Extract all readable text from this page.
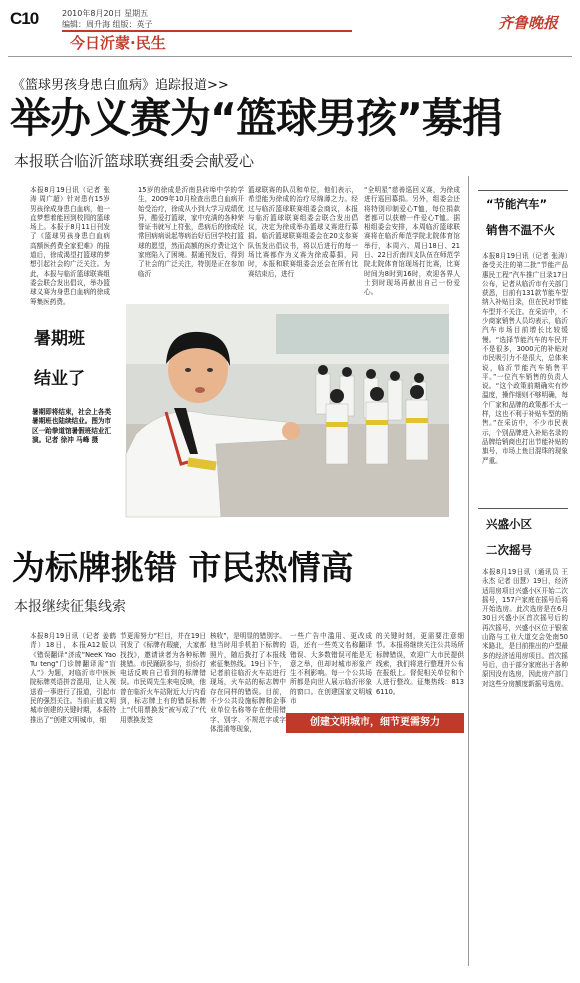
C10	2010年8月20日 星期五
编辑：周升海 组版：英子
今日沂蒙·民生
齐鲁晚报
《篮球男孩身患白血病》追踪报道>>
举办义赛为“篮球男孩”募捐
本报联合临沂篮球联赛组委会献爱心
本报8月19日讯（记者 张涛 周广超）针对患有15岁男孩徐成身患白血病，他一直梦想着能回到校园的篮球场上。本报于8月11日刊发了《篮球男孩身患白血病 高额医药费全家犯难》的报道后，徐成渴望打篮球的梦想引起社会的广泛关注。为此，本报与临沂篮球联赛组委会联合发出倡议，举办篮球义赛为身患白血病的徐成筹集医药费。
15岁的徐成是沂南县砖埠中学的学生，2009年10月检查出患白血病开始受治疗，徐成从小到大学习成绩优异，酷爱打篮球，家中充满的各种荣誉证书就写上符张，患病后的徐成经常回病病说起等病治好后回学校打篮球的愿望，然而高额的医疗费让这个家庭陷入了困境。据通刊发后，得到了社会的广泛关注，特别是正在参加临沂
篮球联赛的队员和单位，他们表示，希望能为徐成的治疗尽绵薄之力。经过与临沂篮球联赛组委会商议，本报与临沂篮球联赛组委会联合发出倡议，决定为徐成举办篮球义赛进行募捐。临沂篮球联赛组委会在20支参赛队伍发出倡议书，将以后进行的每一场比赛都作为义赛为徐成募捐，同时，本报和联赛组委会还会在所有比赛结束后，进行
“全明星”慈善巡回义赛，为徐成进行巡回募捐。另外，组委会还将特别印制爱心T恤，每位捐款者都可以获赠一件爱心T恤。据相组委会安排，本周临沂篮球联赛将在临沂师范学院北院体育馆举行，本周六、周日18日、21日、22日沂南四支队伍在师范学院北院体育馆现场打比赛，比赛时间为8时到16时，欢迎各界人士到时现场再献出自己一份爱心。
暑期班
结业了
暑期即将结束，社会上各类暑期班也陆续结业。图为市区一跆拳道馆暑假班结业汇演。记者 徐冲 马峰 摄
为标牌挑错 市民热情高
本报继续征集线索
本报8月19日讯（记者 姜鹤青）18日，本报A12版以《错误翻译“济成”NeeK YaoTu teng“门诊牌翻译需“盲人”》为题，对临沂市中医医院标牌英语拼音混用，让人视送看一事进行了报道，引起市民的强烈关注。当前正值文明城市创建的关键时期，本报特推出了“创建文明城市，细
节更需努力”栏目，并在19日刊发了《标牌有瑕疵，大家都找找》，邀请读者为各种标牌挑错。市民踊跃参与，纷纷打电话反映自己看到的标牌错误。市民周先生来电反映，他曾在临沂火车站附近大厅内看到，标志牌上有的错误标牌上“代用票换发”被写成了“代用票换发签
核收”，是明显的错别字。他当时用手机拍下标牌的照片，随后拨打了本报线索征集热线。19日下午，记者前往临沂火车站进行现场，火车站的标志牌中存在同样的错误。目前，不少公共设施标牌和企事业单位名称等存在使用错字、别字、不规范字或字体混淆等现象，
一些广告中滥用、更改成语，还有一些英文名称翻译错误、大多数错误可能是无意之举，但却对城市形象产生不利影响。每一个公共场所都是向世人展示临沂形象的窗口。在创建国家文明城市
的关键时刻，更需要注意细节。本报将继续关注公共场所标牌错误，欢迎广大市民提供线索，我们将进行整理并公布在报纸上。督促相关单位和个人进行整改。征集热线：8136110。
创建文明城市，细节更需努力
“节能汽车”
销售不温不火
本报8月19日讯（记者 张涛）备受关注的第二批“节能产品惠民工程”汽车推广目录17日公布，记者从临沂市有关部门获悉，目前有131款节能车型纳入补贴目录，但在民对节能车型并不关注。在采访中，不少商家销售人员均表示，临沂汽车市场目前增长比较缓慢。“选择节能汽车的车民并不是很多，3000元的补贴对市民吸引力不是很大，总体来说，临沂节能汽车销售平平。”一位汽车销售的负责人说。“这个政策前期确实有炒温度，操作细则不够明确，每个厂家和品牌的政策都不太一样，这也不利于补贴车型的销售。”在采访中，不少市民表示，个别品牌进入补贴名录的品牌给销商也打出节能补贴的旗号，市场上鱼目混珠的现象严重。
兴盛小区
二次摇号
本报8月19日讯（通讯员 王永杰 记者 田慧）19日，经济适用房项目兴盛小区开始二次摇号，157户家庭在摇号后将开始选房。此次选房是在6月30日兴盛小区首次摇号后的再次摇号，兴盛小区位于银雀山路与工业大道交会处南50米路北，是目前推出的户型最多的经济适用房项目。首次摇号后，由于部分家庭出于各种原因没有选房，因此房产部门对这些分房额度新摇号选房。
